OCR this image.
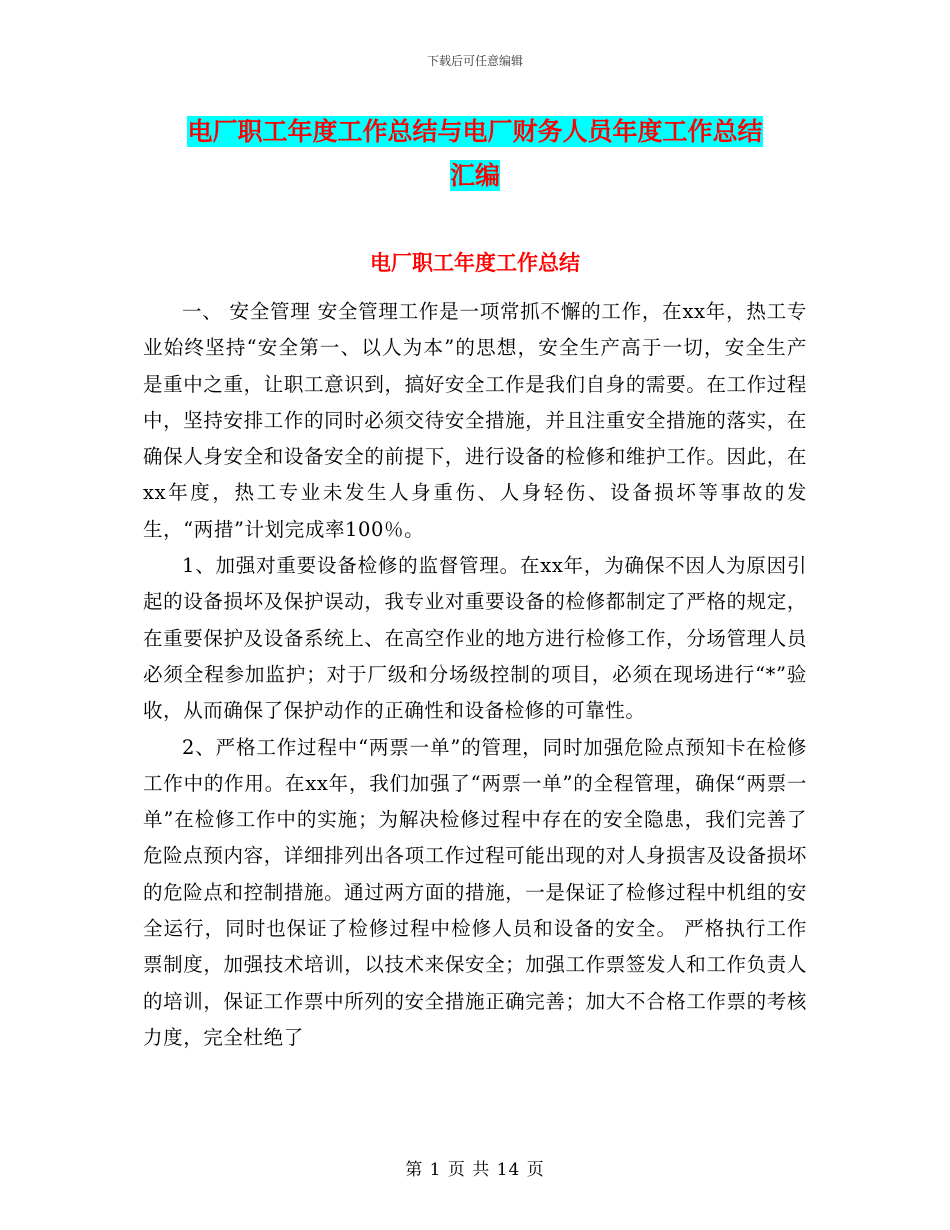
下载后可任意编辑
电厂职工年度工作总结与电厂财务人员年度工作总结
汇编
电厂职工年度工作总结

一、 安全管理 安全管理工作是一项常抓不懈的工作，在xx年，热工专业始终坚持“安全第一、以人为本”的思想，安全生产高于一切，安全生产是重中之重，让职工意识到，搞好安全工作是我们自身的需要。在工作过程中，坚持安排工作的同时必须交待安全措施，并且注重安全措施的落实，在确保人身安全和设备安全的前提下，进行设备的检修和维护工作。因此，在xx年度，热工专业未发生人身重伤、人身轻伤、设备损坏等事故的发生，“两措”计划完成率100％。

1、加强对重要设备检修的监督管理。在xx年，为确保不因人为原因引起的设备损坏及保护误动，我专业对重要设备的检修都制定了严格的规定，在重要保护及设备系统上、在高空作业的地方进行检修工作，分场管理人员必须全程参加监护；对于厂级和分场级控制的项目，必须在现场进行“*”验收，从而确保了保护动作的正确性和设备检修的可靠性。

2、严格工作过程中“两票一单”的管理，同时加强危险点预知卡在检修工作中的作用。在xx年，我们加强了“两票一单”的全程管理，确保“两票一单”在检修工作中的实施；为解决检修过程中存在的安全隐患，我们完善了危险点预内容，详细排列出各项工作过程可能出现的对人身损害及设备损坏的危险点和控制措施。通过两方面的措施，一是保证了检修过程中机组的安全运行，同时也保证了检修过程中检修人员和设备的安全。 严格执行工作票制度，加强技术培训，以技术来保安全；加强工作票签发人和工作负责人的培训，保证工作票中所列的安全措施正确完善；加大不合格工作票的考核力度，完全杜绝了

第 1 页 共 14 页
